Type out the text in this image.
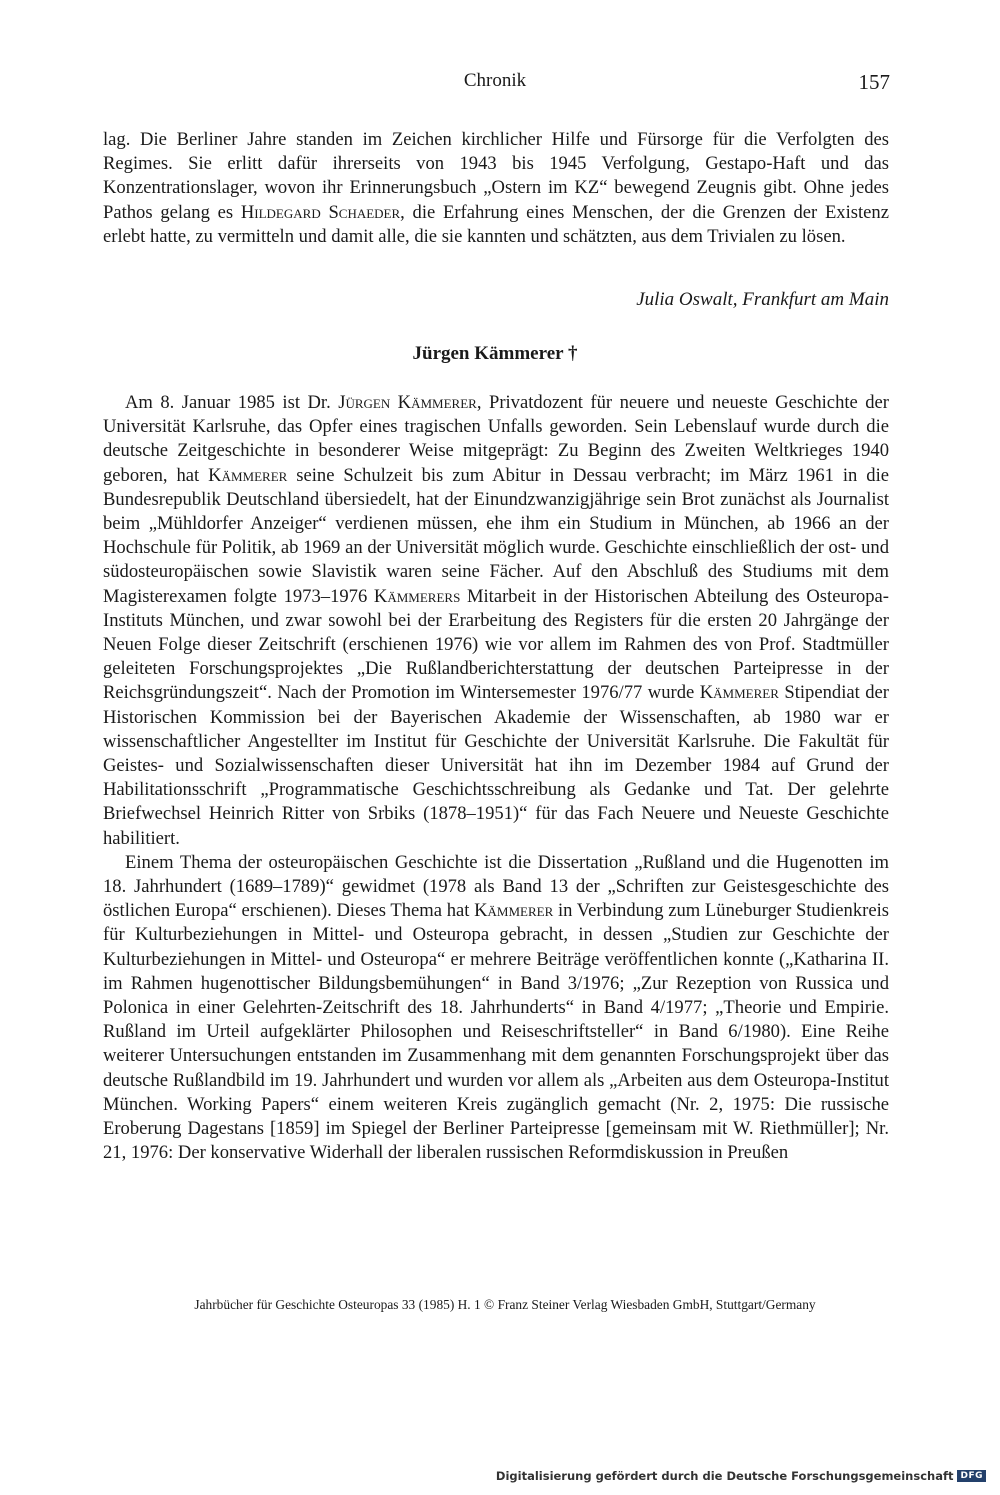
Chronik	157

lag. Die Berliner Jahre standen im Zeichen kirchlicher Hilfe und Fürsorge für die Verfolgten des Regimes. Sie erlitt dafür ihrerseits von 1943 bis 1945 Verfolgung, Gestapo-Haft und das Konzentrationslager, wovon ihr Erinnerungsbuch „Ostern im KZ“ bewegend Zeugnis gibt. Ohne jedes Pathos gelang es Hildegard Schaeder, die Erfahrung eines Menschen, der die Grenzen der Existenz erlebt hatte, zu vermitteln und damit alle, die sie kannten und schätzten, aus dem Trivialen zu lösen.

Julia Oswalt, Frankfurt am Main
Jürgen Kämmerer †

Am 8. Januar 1985 ist Dr. Jürgen Kämmerer, Privatdozent für neuere und neueste Geschichte der Universität Karlsruhe, das Opfer eines tragischen Unfalls geworden. Sein Lebenslauf wurde durch die deutsche Zeitgeschichte in besonderer Weise mitgeprägt: Zu Beginn des Zweiten Weltkrieges 1940 geboren, hat Kämmerer seine Schulzeit bis zum Abitur in Dessau verbracht; im März 1961 in die Bundesrepublik Deutschland übersiedelt, hat der Einundzwanzigjährige sein Brot zunächst als Journalist beim „Mühldorfer Anzeiger“ verdienen müssen, ehe ihm ein Studium in München, ab 1966 an der Hochschule für Politik, ab 1969 an der Universität möglich wurde. Geschichte einschließlich der ost- und südosteuropäischen sowie Slavistik waren seine Fächer. Auf den Abschluß des Studiums mit dem Magisterexamen folgte 1973–1976 Kämmerers Mitarbeit in der Historischen Abteilung des Osteuropa-Instituts München, und zwar sowohl bei der Erarbeitung des Registers für die ersten 20 Jahrgänge der Neuen Folge dieser Zeitschrift (erschienen 1976) wie vor allem im Rahmen des von Prof. Stadtmüller geleiteten Forschungsprojektes „Die Rußlandberichterstattung der deutschen Parteipresse in der Reichsgründungszeit“. Nach der Promotion im Wintersemester 1976/77 wurde Kämmerer Stipendiat der Historischen Kommission bei der Bayerischen Akademie der Wissenschaften, ab 1980 war er wissenschaftlicher Angestellter im Institut für Geschichte der Universität Karlsruhe. Die Fakultät für Geistes- und Sozialwissenschaften dieser Universität hat ihn im Dezember 1984 auf Grund der Habilitationsschrift „Programmatische Geschichtsschreibung als Gedanke und Tat. Der gelehrte Briefwechsel Heinrich Ritter von Srbiks (1878–1951)“ für das Fach Neuere und Neueste Geschichte habilitiert.

Einem Thema der osteuropäischen Geschichte ist die Dissertation „Rußland und die Hugenotten im 18. Jahrhundert (1689–1789)“ gewidmet (1978 als Band 13 der „Schriften zur Geistesgeschichte des östlichen Europa“ erschienen). Dieses Thema hat Kämmerer in Verbindung zum Lüneburger Studienkreis für Kulturbeziehungen in Mittel- und Osteuropa gebracht, in dessen „Studien zur Geschichte der Kulturbeziehungen in Mittel- und Osteuropa“ er mehrere Beiträge veröffentlichen konnte („Katharina II. im Rahmen hugenottischer Bildungsbemühungen“ in Band 3/1976; „Zur Rezeption von Russica und Polonica in einer Gelehrten-Zeitschrift des 18. Jahrhunderts“ in Band 4/1977; „Theorie und Empirie. Rußland im Urteil aufgeklärter Philosophen und Reiseschriftsteller“ in Band 6/1980). Eine Reihe weiterer Untersuchungen entstanden im Zusammenhang mit dem genannten Forschungsprojekt über das deutsche Rußlandbild im 19. Jahrhundert und wurden vor allem als „Arbeiten aus dem Osteuropa-Institut München. Working Papers“ einem weiteren Kreis zugänglich gemacht (Nr. 2, 1975: Die russische Eroberung Dagestans [1859] im Spiegel der Berliner Parteipresse [gemeinsam mit W. Riethmüller]; Nr. 21, 1976: Der konservative Widerhall der liberalen russischen Reformdiskussion in Preußen

Jahrbücher für Geschichte Osteuropas 33 (1985) H. 1 © Franz Steiner Verlag Wiesbaden GmbH, Stuttgart/Germany
Digitalisierung gefördert durch die Deutsche Forschungsgemeinschaft DFG
